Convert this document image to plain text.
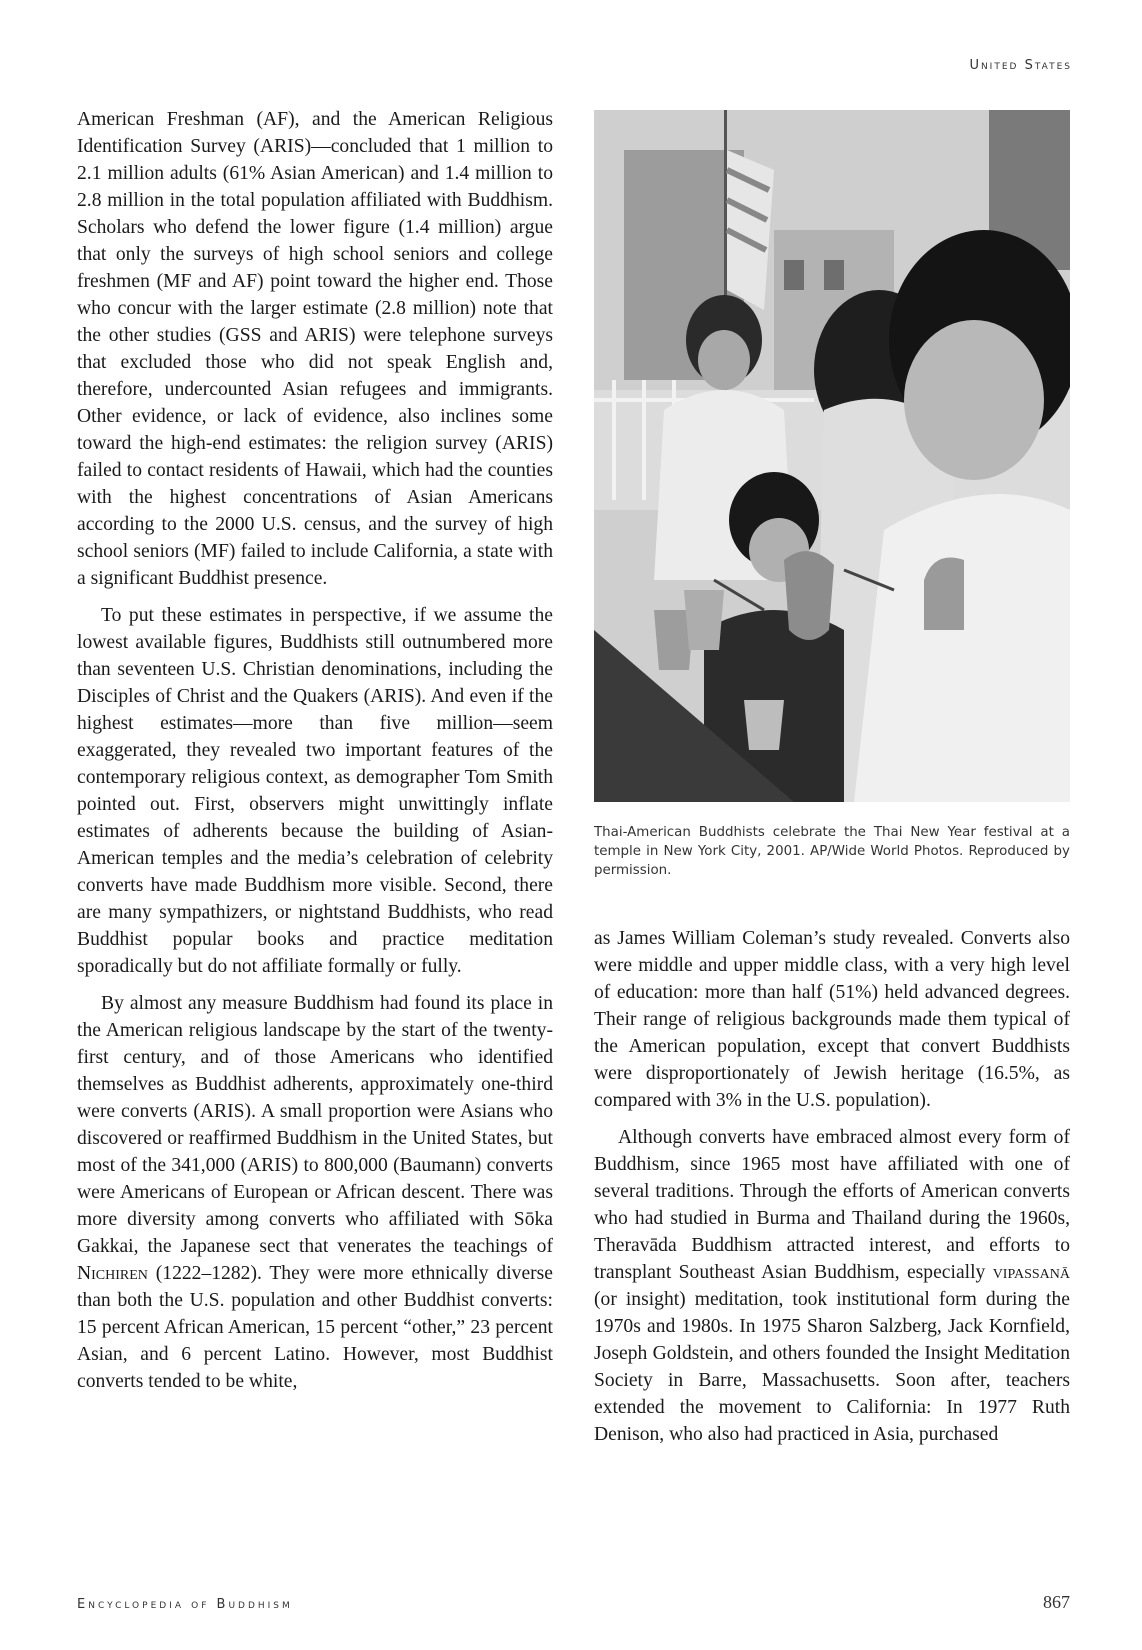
United States

American Freshman (AF), and the American Religious Identification Survey (ARIS)—concluded that 1 million to 2.1 million adults (61% Asian American) and 1.4 million to 2.8 million in the total population affiliated with Buddhism. Scholars who defend the lower figure (1.4 million) argue that only the surveys of high school seniors and college freshmen (MF and AF) point toward the higher end. Those who concur with the larger estimate (2.8 million) note that the other studies (GSS and ARIS) were telephone surveys that excluded those who did not speak English and, therefore, undercounted Asian refugees and immigrants. Other evidence, or lack of evidence, also inclines some toward the high-end estimates: the religion survey (ARIS) failed to contact residents of Hawaii, which had the counties with the highest concentrations of Asian Americans according to the 2000 U.S. census, and the survey of high school seniors (MF) failed to include California, a state with a significant Buddhist presence.

To put these estimates in perspective, if we assume the lowest available figures, Buddhists still outnumbered more than seventeen U.S. Christian denominations, including the Disciples of Christ and the Quakers (ARIS). And even if the highest estimates—more than five million—seem exaggerated, they revealed two important features of the contemporary religious context, as demographer Tom Smith pointed out. First, observers might unwittingly inflate estimates of adherents because the building of Asian-American temples and the media’s celebration of celebrity converts have made Buddhism more visible. Second, there are many sympathizers, or nightstand Buddhists, who read Buddhist popular books and practice meditation sporadically but do not affiliate formally or fully.

By almost any measure Buddhism had found its place in the American religious landscape by the start of the twenty-first century, and of those Americans who identified themselves as Buddhist adherents, approximately one-third were converts (ARIS). A small proportion were Asians who discovered or reaffirmed Buddhism in the United States, but most of the 341,000 (ARIS) to 800,000 (Baumann) converts were Americans of European or African descent. There was more diversity among converts who affiliated with Sōka Gakkai, the Japanese sect that venerates the teachings of Nichiren (1222–1282). They were more ethnically diverse than both the U.S. population and other Buddhist converts: 15 percent African American, 15 percent “other,” 23 percent Asian, and 6 percent Latino. However, most Buddhist converts tended to be white,

Thai-American Buddhists celebrate the Thai New Year festival at a temple in New York City, 2001. AP/Wide World Photos. Reproduced by permission.

as James William Coleman’s study revealed. Converts also were middle and upper middle class, with a very high level of education: more than half (51%) held advanced degrees. Their range of religious backgrounds made them typical of the American population, except that convert Buddhists were disproportionately of Jewish heritage (16.5%, as compared with 3% in the U.S. population).

Although converts have embraced almost every form of Buddhism, since 1965 most have affiliated with one of several traditions. Through the efforts of American converts who had studied in Burma and Thailand during the 1960s, Theravāda Buddhism attracted interest, and efforts to transplant Southeast Asian Buddhism, especially vipassanā (or insight) meditation, took institutional form during the 1970s and 1980s. In 1975 Sharon Salzberg, Jack Kornfield, Joseph Goldstein, and others founded the Insight Meditation Society in Barre, Massachusetts. Soon after, teachers extended the movement to California: In 1977 Ruth Denison, who also had practiced in Asia, purchased

Encyclopedia of Buddhism	867
